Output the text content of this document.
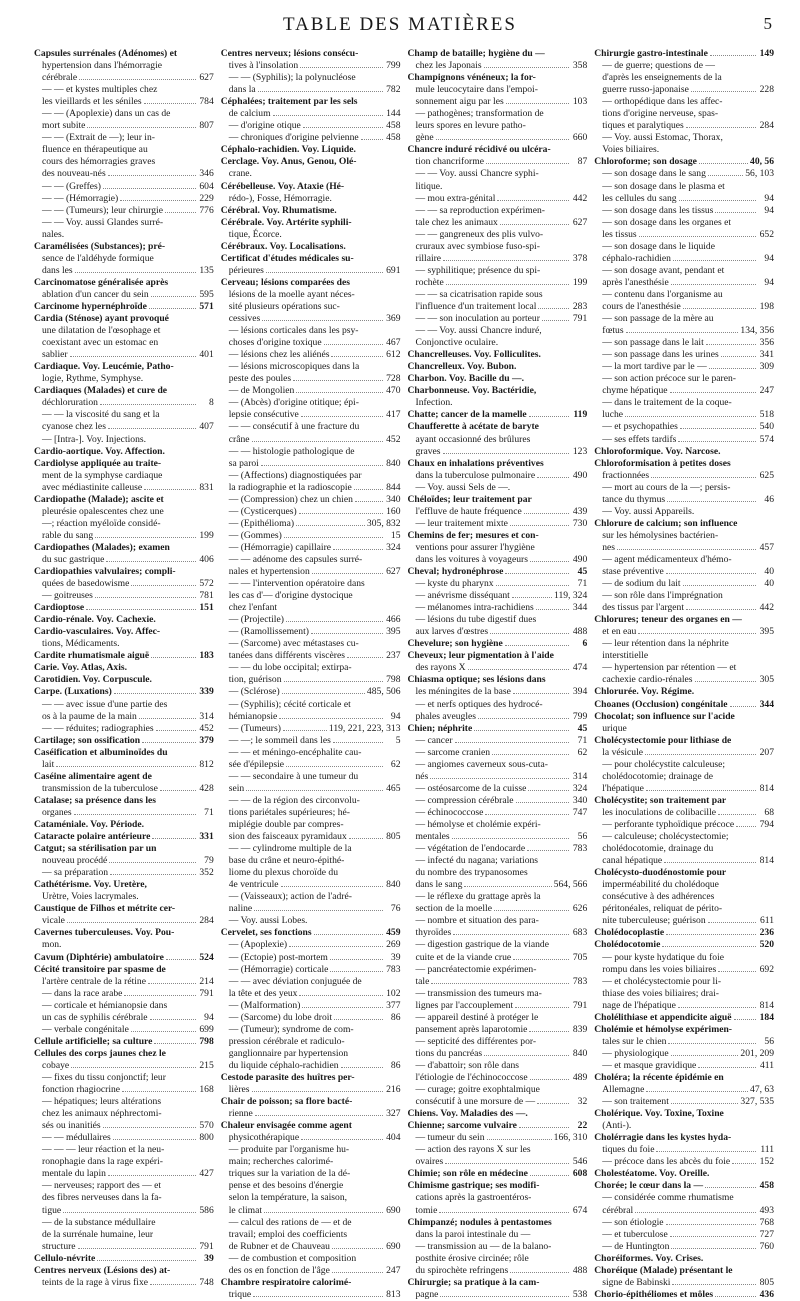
TABLE DES MATIÈRES	5
Capsules surrénales (Adénomes) et
hypertension dans l'hémorragie
cérébrale	627
— — et kystes multiples chez
les vieillards et les séniles	784
— — (Apoplexie) dans un cas de
mort subite	807
— — (Extrait de —); leur in-
fluence en thérapeutique au
cours des hémorragies graves
des nouveau-nés	346
— — (Greffes)	604
— — (Hémorragie)	229
— — (Tumeurs); leur chirurgie	776
— — Voy. aussi Glandes surré-
nales.
Caramélisées (Substances); pré-
sence de l'aldéhyde formique
dans les	135
Carcinomatose généralisée après
ablation d'un cancer du sein	595
Carcinome hypernéphroïde	571
Cardia (Sténose) ayant provoqué
une dilatation de l'œsophage et
coexistant avec un estomac en
sablier	401
Cardiaque. Voy. Leucémie, Patho-
logie, Rythme, Symphyse.
Cardiaques (Malades) et cure de
déchloruration	8
— — la viscosité du sang et la
cyanose chez les	407
— [Intra-]. Voy. Injections.
Cardio-aortique. Voy. Affection.
Cardiolyse appliquée au traite-
ment de la symphyse cardiaque
avec médiastinite calleuse	831
Cardiopathe (Malade); ascite et
pleurésie opalescentes chez une
—; réaction myéloïde considé-
rable du sang	199
Cardiopathes (Malades); examen
du suc gastrique	406
Cardiopathies valvulaires; compli-
quées de basedowisme	572
— goitreuses	781
Cardioptose	151
Cardio-rénale. Voy. Cachexie.
Cardio-vasculaires. Voy. Affec-
tions, Médicaments.
Cardite rhumatismale aiguë	183
Carie. Voy. Atlas, Axis.
Carotidien. Voy. Corpuscule.
Carpe. (Luxations)	339
— — avec issue d'une partie des
os à la paume de la main	314
— — réduites; radiographies	452
Cartilage; son ossification	379
Caséification et albuminoïdes du
lait	812
Caséine alimentaire agent de
transmission de la tuberculose	428
Catalase; sa présence dans les
organes	71
Cataméniale. Voy. Période.
Cataracte polaire antérieure	331
Catgut; sa stérilisation par un
nouveau procédé	79
— sa préparation	352
Cathétérisme. Voy. Uretère,
Urètre, Voies lacrymales.
Caustique de Filhos et métrite cer-
vicale	284
Cavernes tuberculeuses. Voy. Pou-
mon.
Cavum (Diphtérie) ambulatoire	524
Cécité transitoire par spasme de
l'artère centrale de la rétine	214
— dans la race arabe	791
— corticale et hémianopsie dans
un cas de syphilis cérébrale	94
— verbale congénitale	699
Cellule artificielle; sa culture	798
Cellules des corps jaunes chez le
cobaye	215
— fixes du tissu conjonctif; leur
fonction rhagiocrine	168
— hépatiques; leurs altérations
chez les animaux néphrectomi-
sés ou inanitiés	570
— — médullaires	800
— — — leur réaction et la neu-
ronophagie dans la rage expéri-
mentale du lapin	427
— nerveuses; rapport des — et
des fibres nerveuses dans la fa-
tigue	586
— de la substance médullaire
de la surrénale humaine, leur
structure	791
Cellulo-névrite	39
Centres nerveux (Lésions des) at-
teints de la rage à virus fixe	748
Centres nerveux; lésions consécu-
tives à l'insolation	799
— — (Syphilis); la polynucléose
dans la	782
Céphalées; traitement par les sels
de calcium	144
— d'origine otique	458
— chroniques d'origine pelvienne	458
Céphalo-rachidien. Voy. Liquide.
Cerclage. Voy. Anus, Genou, Olé-
crane.
Cérébelleuse. Voy. Ataxie (Hé-
rédo-), Fosse, Hémorragie.
Cérébral. Voy. Rhumatisme.
Cérébrale. Voy. Artérite syphili-
tique, Écorce.
Cérébraux. Voy. Localisations.
Certificat d'études médicales su-
périeures	691
Cerveau; lésions comparées des
lésions de la moelle ayant néces-
sité plusieurs opérations suc-
cessives	369
— lésions corticales dans les psy-
choses d'origine toxique	467
— lésions chez les aliénés	612
— lésions microscopiques dans la
peste des poules	728
— de Mongolien	470
— (Abcès) d'origine otitique; épi-
lepsie consécutive	417
— — consécutif à une fracture du
crâne	452
— — histologie pathologique de
sa paroi	840
— (Affections) diagnostiquées par
la radiographie et la radioscopie	844
— (Compression) chez un chien	340
— (Cysticerques)	160
— (Epithélioma)	305, 832
— (Gommes)	15
— (Hémorragie) capillaire	324
— — adénome des capsules surré-
nales et hypertension	627
— — l'intervention opératoire dans
les cas d'— d'origine dystocique
chez l'enfant
— (Projectile)	466
— (Ramollissement)	395
— (Sarcome) avec métastases cu-
tanées dans différents viscères	237
— — du lobe occipital; extirpa-
tion, guérison	798
— (Sclérose)	485, 506
— (Syphilis); cécité corticale et
hémianopsie	94
— (Tumeurs)	119, 221, 223, 313
— —; le sommeil dans les	5
— — et méningo-encéphalite cau-
sée d'épilepsie	62
— — secondaire à une tumeur du
sein	465
— — de la région des circonvolu-
tions pariétales supérieures; hé-
miplégie double par compres-
sion des faisceaux pyramidaux	805
— — cylindrome multiple de la
base du crâne et neuro-épithé-
liome du plexus choroïde du
4e ventricule	840
— (Vaisseaux); action de l'adré-
naline	76
— Voy. aussi Lobes.
Cervelet, ses fonctions	459
— (Apoplexie)	269
— (Ectopie) post-mortem	39
— (Hémorragie) corticale	783
— — avec déviation conjuguée de
la tête et des yeux	102
— (Malformation)	377
— (Sarcome) du lobe droit	86
— (Tumeur); syndrome de com-
pression cérébrale et radiculo-
ganglionnaire par hypertension
du liquide céphalo-rachidien	86
Cestode parasite des huîtres per-
lières	216
Chair de poisson; sa flore bacté-
rienne	327
Chaleur envisagée comme agent
physicothérapique	404
— produite par l'organisme hu-
main; recherches calorimé-
triques sur la variation de la dé-
pense et des besoins d'énergie
selon la température, la saison,
le climat	690
— calcul des rations de — et de
travail; emploi des coefficients
de Rubner et de Chauveau	690
— de combustion et composition
des os en fonction de l'âge	247
Chambre respiratoire calorimé-
trique	813
Champ de bataille; hygiène du —
chez les Japonais	358
Champignons vénéneux; la for-
mule leucocytaire dans l'empoi-
sonnement aigu par les	103
— pathogènes; transformation de
leurs spores en levure patho-
gène	660
Chancre induré récidivé ou ulcéra-
tion chancriforme	87
— — Voy. aussi Chancre syphi-
litique.
— mou extra-génital	442
— — sa reproduction expérimen-
tale chez les animaux	627
— — gangreneux des plis vulvo-
cruraux avec symbiose fuso-spi-
rillaire	378
— syphilitique; présence du spi-
rochète	199
— — sa cicatrisation rapide sous
l'influence d'un traitement local	283
— — son inoculation au porteur	791
— — Voy. aussi Chancre induré,
Conjonctive oculaire.
Chancrelleuses. Voy. Folliculites.
Chancrelleux. Voy. Bubon.
Charbon. Voy. Bacille du —.
Charbonneuse. Voy. Bactéridie,
Infection.
Chatte; cancer de la mamelle	119
Chaufferette à acétate de baryte
ayant occasionné des brûlures
graves	123
Chaux en inhalations préventives
dans la tuberculose pulmonaire	490
— Voy. aussi Sels de —.
Chéloïdes; leur traitement par
l'effluve de haute fréquence	439
— leur traitement mixte	730
Chemins de fer; mesures et con-
ventions pour assurer l'hygiène
dans les voitures à voyageurs	490
Cheval; hydronéphrose	45
— kyste du pharynx	71
— anévrisme disséquant	119, 324
— mélanomes intra-rachidiens	344
— lésions du tube digestif dues
aux larves d'œstres	488
Chevelure; son hygiène	6
Cheveux; leur pigmentation à l'aide
des rayons X	474
Chiasma optique; ses lésions dans
les méningites de la base	394
— et nerfs optiques des hydrocé-
phales aveugles	799
Chien; néphrite	45
— cancer	71
— sarcome cranien	62
— angiomes caverneux sous-cuta-
nés	314
— ostéosarcome de la cuisse	324
— compression cérébrale	340
— échinococcose	747
— hémolyse et cholémie expéri-
mentales	56
— végétation de l'endocarde	783
— infecté du nagana; variations
du nombre des trypanosomes
dans le sang	564, 566
— le réflexe du grattage après la
section de la moelle	626
— nombre et situation des para-
thyroïdes	683
— digestion gastrique de la viande
cuite et de la viande crue	705
— pancréatectomie expérimen-
tale	783
— transmission des tumeurs ma-
lignes par l'accouplement	791
— appareil destiné à protéger le
pansement après laparotomie	839
— septicité des différentes por-
tions du pancréas	840
— d'abattoir; son rôle dans
l'étiologie de l'échinococcose	489
— curage; goitre exophtalmique
consécutif à une morsure de —	32
Chiens. Voy. Maladies des —.
Chienne; sarcome vulvaire	22
— tumeur du sein	166, 310
— action des rayons X sur les
ovaires	546
Chimie; son rôle en médecine	608
Chimisme gastrique; ses modifi-
cations après la gastroentéros-
tomie	674
Chimpanzé; nodules à pentastomes
dans la paroi intestinale du —
— transmission au — de la balano-
posthite érosive circinée; rôle
du spirochète refringens	488
Chirurgie; sa pratique à la cam-
pagne	538
Chirurgie gastro-intestinale	149
— de guerre; questions de —
d'après les enseignements de la
guerre russo-japonaise	228
— orthopédique dans les affec-
tions d'origine nerveuse, spas-
tiques et paralytiques	284
— Voy. aussi Estomac, Thorax,
Voies biliaires.
Chloroforme; son dosage	40, 56
— son dosage dans le sang	56, 103
— son dosage dans le plasma et
les cellules du sang	94
— son dosage dans les tissus	94
— son dosage dans les organes et
les tissus	652
— son dosage dans le liquide
céphalo-rachidien	94
— son dosage avant, pendant et
après l'anesthésie	94
— contenu dans l'organisme au
cours de l'anesthésie	198
— son passage de la mère au
fœtus	134, 356
— son passage dans le lait	356
— son passage dans les urines	341
— la mort tardive par le —	309
— son action précoce sur le paren-
chyme hépatique	247
— dans le traitement de la coque-
luche	518
— et psychopathies	540
— ses effets tardifs	574
Chloroformique. Voy. Narcose.
Chloroformisation à petites doses
fractionnées	625
— mort au cours de la —; persis-
tance du thymus	46
— Voy. aussi Appareils.
Chlorure de calcium; son influence
sur les hémolysines bactérien-
nes	457
— agent médicamenteux d'hémo-
stase préventive	40
— de sodium du lait	40
— son rôle dans l'imprégnation
des tissus par l'argent	442
Chlorures; teneur des organes en —
et en eau	395
— leur rétention dans la néphrite
interstitielle
— hypertension par rétention — et
cachexie cardio-rénales	305
Chlorurée. Voy. Régime.
Choanes (Occlusion) congénitale	344
Chocolat; son influence sur l'acide
urique
Cholécystectomie pour lithiase de
la vésicule	207
— pour cholécystite calculeuse;
cholédocotomie; drainage de
l'hépatique	814
Cholécystite; son traitement par
les inoculations de colibacille	68
— perforante typhoïdique précoce	794
— calculeuse; cholécystectomie;
cholédocotomie, drainage du
canal hépatique	814
Cholécysto-duodénostomie pour
imperméabilité du cholédoque
consécutive à des adhérences
péritonéales, reliquat de périto-
nite tuberculeuse; guérison	611
Cholédocoplastie	236
Cholédocotomie	520
— pour kyste hydatique du foie
rompu dans les voies biliaires	692
— et cholécystectomie pour li-
thiase des voies biliaires; drai-
nage de l'hépatique	814
Cholélithiase et appendicite aiguë	184
Cholémie et hémolyse expérimen-
tales sur le chien	56
— physiologique	201, 209
— et masque gravidique	411
Choléra; la récente épidémie en
Allemagne	47, 63
— son traitement	327, 535
Cholérique. Voy. Toxine, Toxine
(Anti-).
Cholérragie dans les kystes hyda-
tiques du foie	111
— précoce dans les abcès du foie	152
Cholestéatome. Voy. Oreille.
Chorée; le cœur dans la —	458
— considérée comme rhumatisme
cérébral	493
— son étiologie	768
— et tuberculose	727
— de Huntington	760
Choréiformes. Voy. Crises.
Choréique (Malade) présentant le
signe de Babinski	805
Chorio-épithéliomes et môles	436
